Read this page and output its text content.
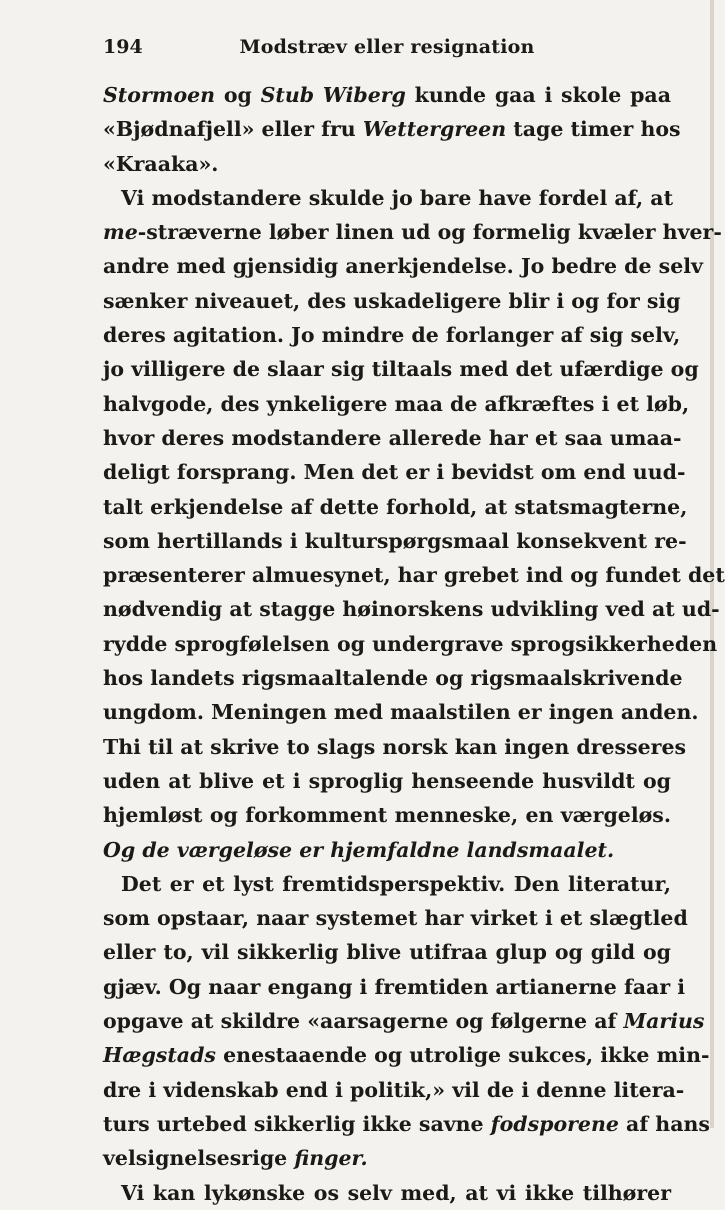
194	Modstræv eller resignation
Stormoen og Stub Wiberg kunde gaa i skole paa
«Bjødnafjell» eller fru Wettergreen tage timer hos
«Kraaka».
Vi modstandere skulde jo bare have fordel af, at
me-stræverne løber linen ud og formelig kvæler hver-
andre med gjensidig anerkjendelse. Jo bedre de selv
sænker niveauet, des uskadeligere blir i og for sig
deres agitation. Jo mindre de forlanger af sig selv,
jo villigere de slaar sig tiltaals med det ufærdige og
halvgode, des ynkeligere maa de afkræftes i et løb,
hvor deres modstandere allerede har et saa umaa-
deligt forsprang. Men det er i bevidst om end uud-
talt erkjendelse af dette forhold, at statsmagterne,
som hertillands i kulturspørgsmaal konsekvent re-
præsenterer almuesynet, har grebet ind og fundet det
nødvendig at stagge høinorskens udvikling ved at ud-
rydde sprogfølelsen og undergrave sprogsikkerheden
hos landets rigsmaaltalende og rigsmaalskrivende
ungdom. Meningen med maalstilen er ingen anden.
Thi til at skrive to slags norsk kan ingen dresseres
uden at blive et i sproglig henseende husvildt og
hjemløst og forkomment menneske, en værgeløs.
Og de værgeløse er hjemfaldne landsmaalet.
Det er et lyst fremtidsperspektiv. Den literatur,
som opstaar, naar systemet har virket i et slægtled
eller to, vil sikkerlig blive utifraa glup og gild og
gjæv. Og naar engang i fremtiden artianerne faar i
opgave at skildre «aarsagerne og følgerne af Marius
Hægstads enestaaende og utrolige sukces, ikke min-
dre i videnskab end i politik,» vil de i denne litera-
turs urtebed sikkerlig ikke savne fodsporene af hans
velsignelsesrige finger.
Vi kan lykønske os selv med, at vi ikke tilhører
